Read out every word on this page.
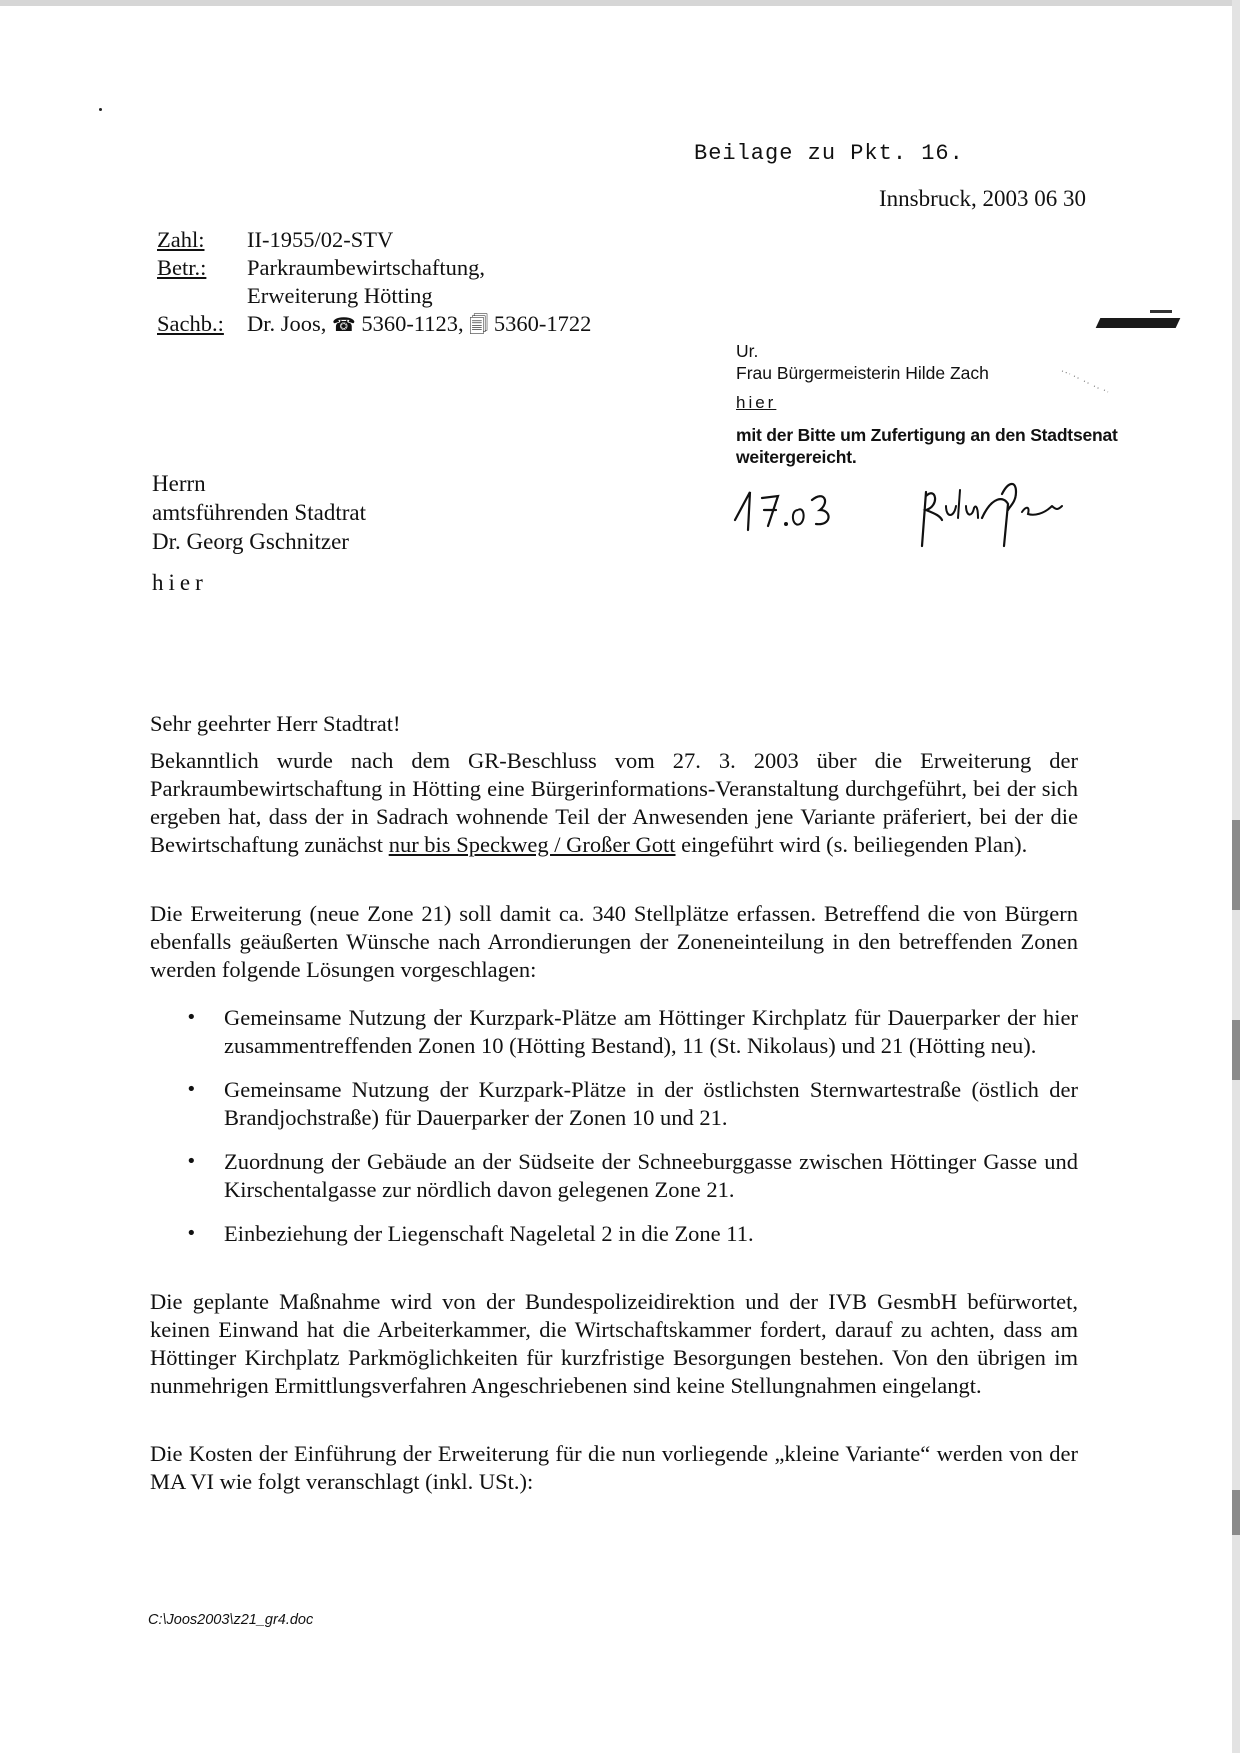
Beilage zu Pkt. 16.
Innsbruck, 2003 06 30
Zahl:	II-1955/02-STV
Betr.:	Parkraumbewirtschaftung,
Erweiterung Hötting
Sachb.:	Dr. Joos, ☎ 5360-1123, 🗐 5360-1722
Ur.
Frau Bürgermeisterin Hilde Zach
hier
mit der Bitte um Zufertigung an den Stadtsenat
weitergereicht.
Herrn
amtsführenden Stadtrat
Dr. Georg Gschnitzer
hier
Sehr geehrter Herr Stadtrat!
Bekanntlich wurde nach dem GR-Beschluss vom 27. 3. 2003 über die Erweiterung der Parkraumbewirtschaftung in Hötting eine Bürgerinformations-Veranstaltung durchgeführt, bei der sich ergeben hat, dass der in Sadrach wohnende Teil der Anwesenden jene Variante präferiert, bei der die Bewirtschaftung zunächst nur bis Speckweg / Großer Gott eingeführt wird (s. beiliegenden Plan).
Die Erweiterung (neue Zone 21) soll damit ca. 340 Stellplätze erfassen. Betreffend die von Bürgern ebenfalls geäußerten Wünsche nach Arrondierungen der Zoneneinteilung in den betreffenden Zonen werden folgende Lösungen vorgeschlagen:
• Gemeinsame Nutzung der Kurzpark-Plätze am Höttinger Kirchplatz für Dauerparker der hier zusammentreffenden Zonen 10 (Hötting Bestand), 11 (St. Nikolaus) und 21 (Hötting neu).
• Gemeinsame Nutzung der Kurzpark-Plätze in der östlichsten Sternwartestraße (östlich der Brandjochstraße) für Dauerparker der Zonen 10 und 21.
• Zuordnung der Gebäude an der Südseite der Schneeburggasse zwischen Höttinger Gasse und Kirschentalgasse zur nördlich davon gelegenen Zone 21.
• Einbeziehung der Liegenschaft Nageletal 2 in die Zone 11.
Die geplante Maßnahme wird von der Bundespolizeidirektion und der IVB GesmbH befürwortet, keinen Einwand hat die Arbeiterkammer, die Wirtschaftskammer fordert, darauf zu achten, dass am Höttinger Kirchplatz Parkmöglichkeiten für kurzfristige Besorgungen bestehen. Von den übrigen im nunmehrigen Ermittlungsverfahren Angeschriebenen sind keine Stellungnahmen eingelangt.
Die Kosten der Einführung der Erweiterung für die nun vorliegende „kleine Variante“ werden von der MA VI wie folgt veranschlagt (inkl. USt.):
C:\Joos2003\z21_gr4.doc
